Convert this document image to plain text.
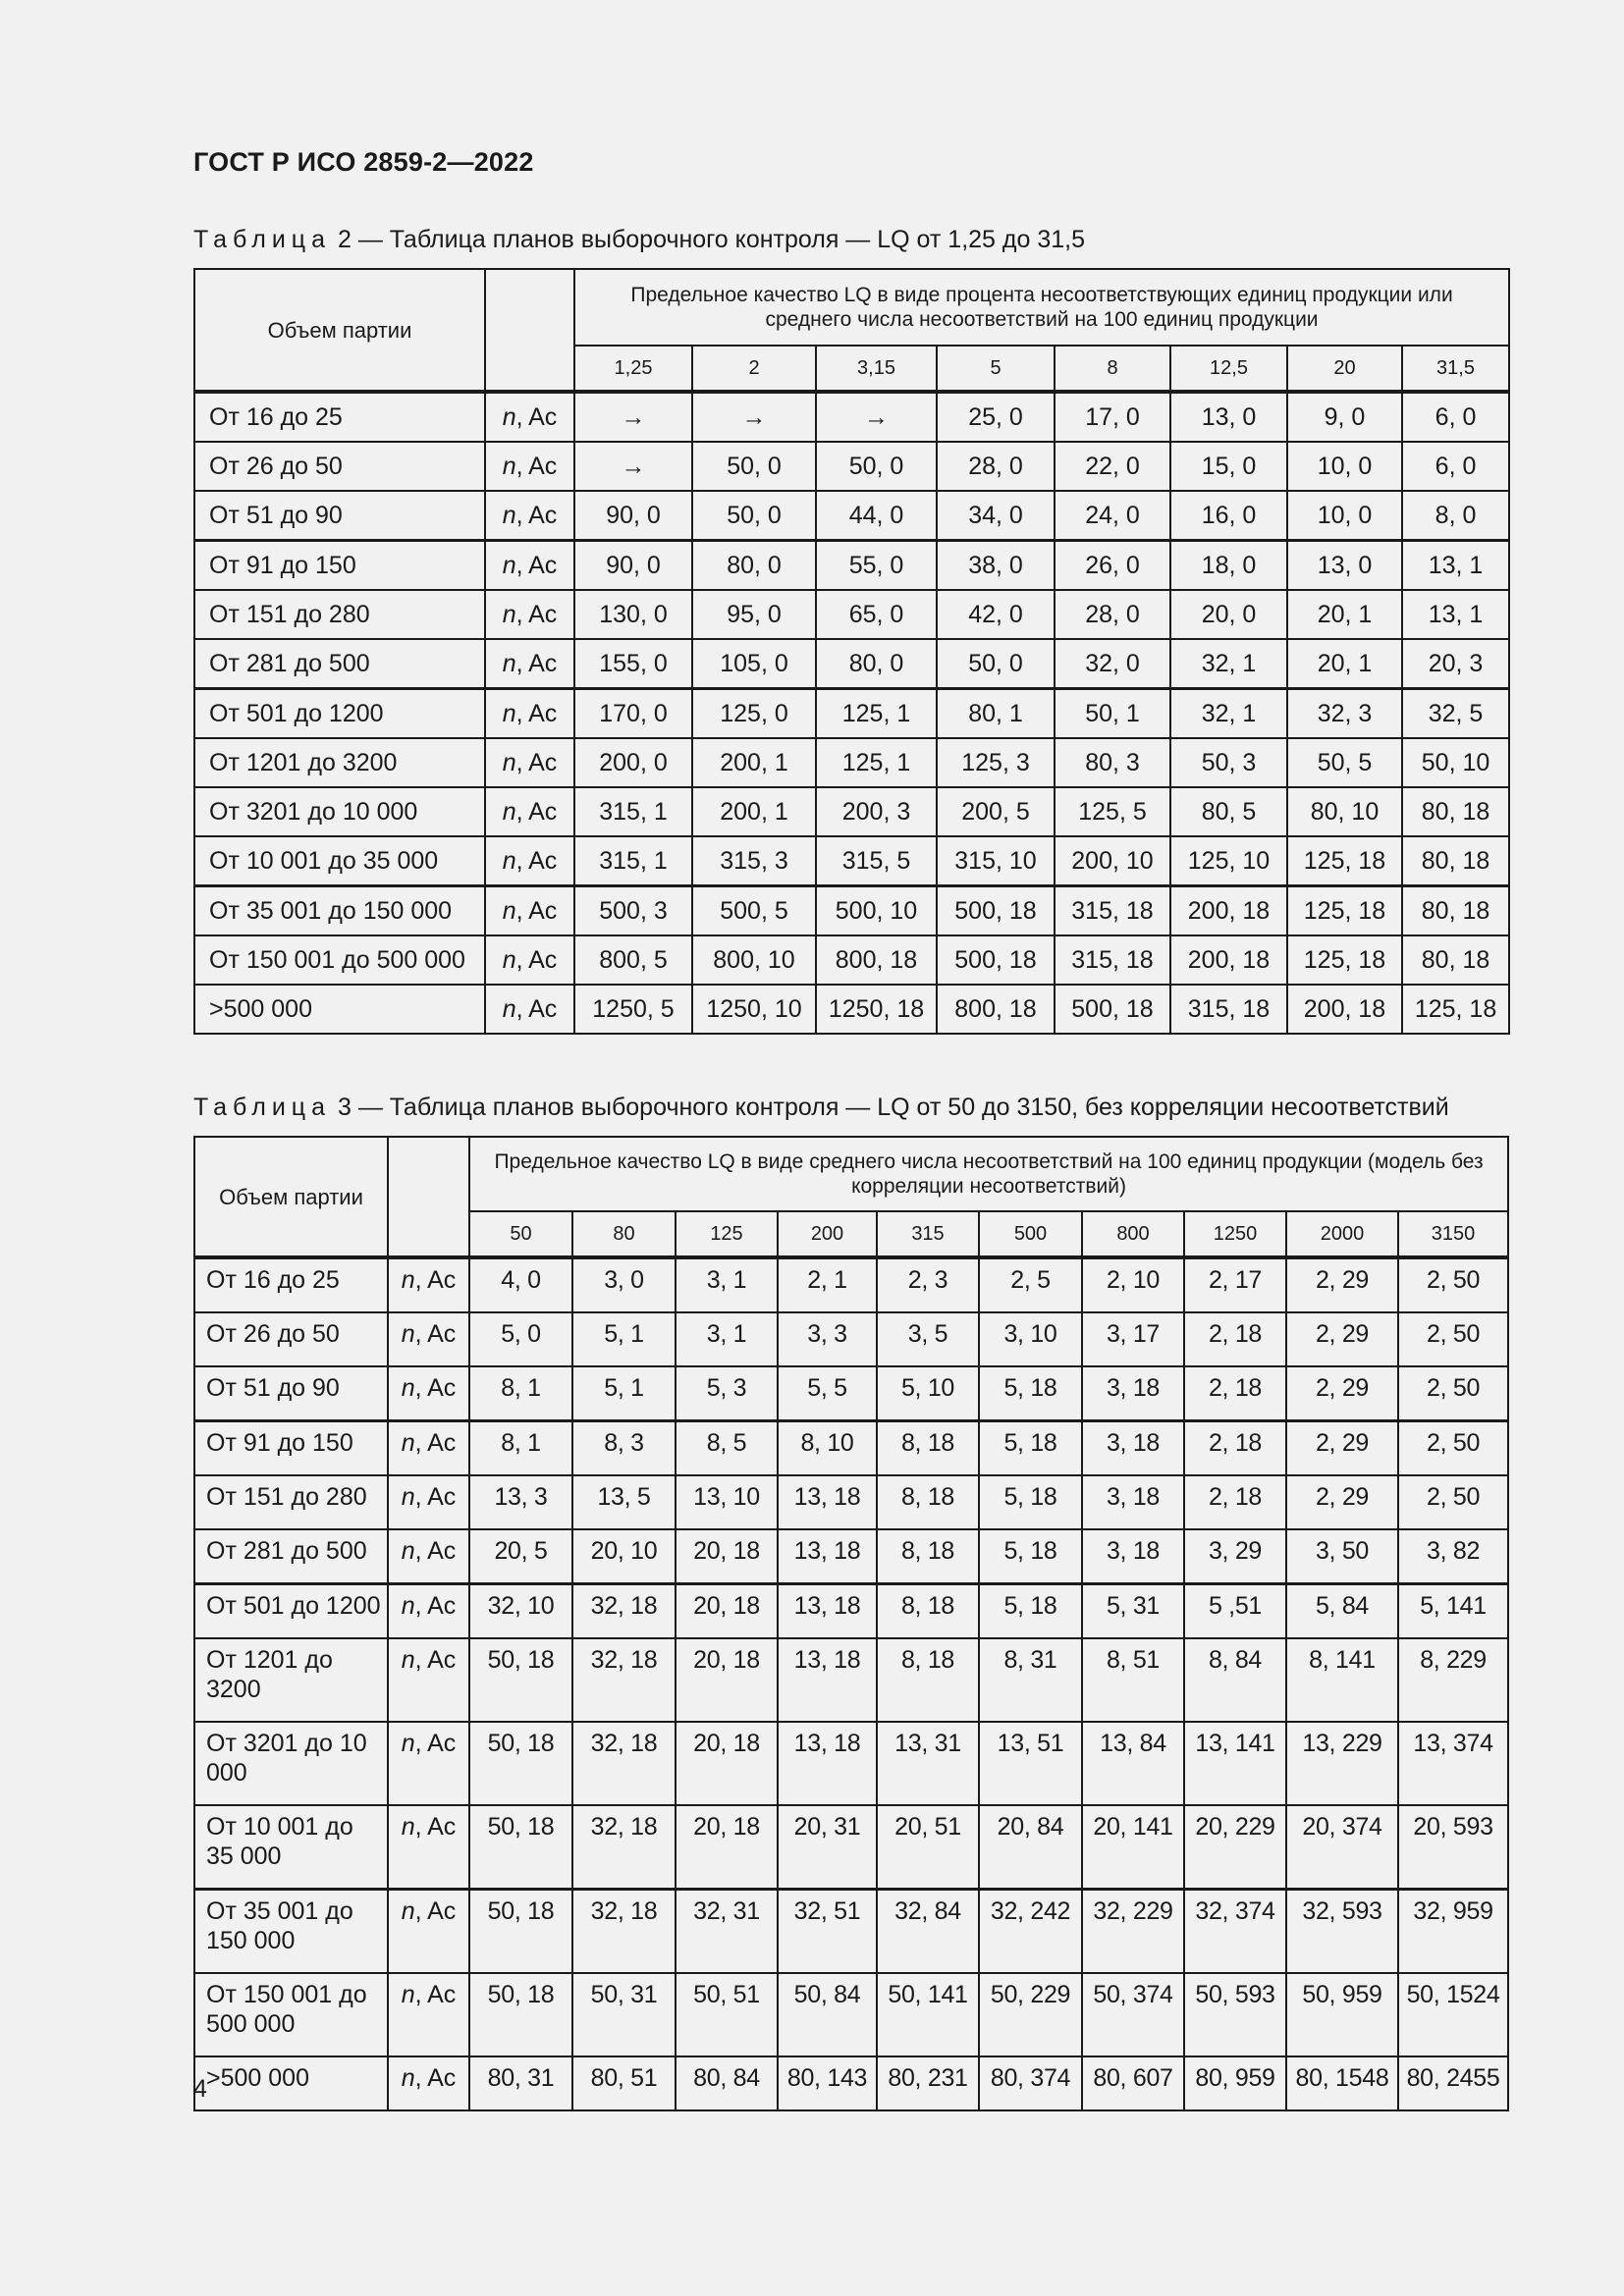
ГОСТ Р ИСО 2859-2—2022
Таблица 2 — Таблица планов выборочного контроля — LQ от 1,25 до 31,5
Объем партии		Предельное качество LQ в виде процента несоответствующих единиц продукции или среднего числа несоответствий на 100 единиц продукции							
		1,25	2	3,15	5	8	12,5	20	31,5
От 16 до 25	n, Ac	→	→	→	25, 0	17, 0	13, 0	9, 0	6, 0
От 26 до 50	n, Ac	→	50, 0	50, 0	28, 0	22, 0	15, 0	10, 0	6, 0
От 51 до 90	n, Ac	90, 0	50, 0	44, 0	34, 0	24, 0	16, 0	10, 0	8, 0
От 91 до 150	n, Ac	90, 0	80, 0	55, 0	38, 0	26, 0	18, 0	13, 0	13, 1
От 151 до 280	n, Ac	130, 0	95, 0	65, 0	42, 0	28, 0	20, 0	20, 1	13, 1
От 281 до 500	n, Ac	155, 0	105, 0	80, 0	50, 0	32, 0	32, 1	20, 1	20, 3
От 501 до 1200	n, Ac	170, 0	125, 0	125, 1	80, 1	50, 1	32, 1	32, 3	32, 5
От 1201 до 3200	n, Ac	200, 0	200, 1	125, 1	125, 3	80, 3	50, 3	50, 5	50, 10
От 3201 до 10 000	n, Ac	315, 1	200, 1	200, 3	200, 5	125, 5	80, 5	80, 10	80, 18
От 10 001 до 35 000	n, Ac	315, 1	315, 3	315, 5	315, 10	200, 10	125, 10	125, 18	80, 18
От 35 001 до 150 000	n, Ac	500, 3	500, 5	500, 10	500, 18	315, 18	200, 18	125, 18	80, 18
От 150 001 до 500 000	n, Ac	800, 5	800, 10	800, 18	500, 18	315, 18	200, 18	125, 18	80, 18
>500 000	n, Ac	1250, 5	1250, 10	1250, 18	800, 18	500, 18	315, 18	200, 18	125, 18
Таблица 3 — Таблица планов выборочного контроля — LQ от 50 до 3150, без корреляции несоответствий
Объем партии		Предельное качество LQ в виде среднего числа несоответствий на 100 единиц продукции (модель без корреляции несоответствий)									
		50	80	125	200	315	500	800	1250	2000	3150
От 16 до 25	n, Ac	4, 0	3, 0	3, 1	2, 1	2, 3	2, 5	2, 10	2, 17	2, 29	2, 50
От 26 до 50	n, Ac	5, 0	5, 1	3, 1	3, 3	3, 5	3, 10	3, 17	2, 18	2, 29	2, 50
От 51 до 90	n, Ac	8, 1	5, 1	5, 3	5, 5	5, 10	5, 18	3, 18	2, 18	2, 29	2, 50
От 91 до 150	n, Ac	8, 1	8, 3	8, 5	8, 10	8, 18	5, 18	3, 18	2, 18	2, 29	2, 50
От 151 до 280	n, Ac	13, 3	13, 5	13, 10	13, 18	8, 18	5, 18	3, 18	2, 18	2, 29	2, 50
От 281 до 500	n, Ac	20, 5	20, 10	20, 18	13, 18	8, 18	5, 18	3, 18	3, 29	3, 50	3, 82
От 501 до 1200	n, Ac	32, 10	32, 18	20, 18	13, 18	8, 18	5, 18	5, 31	5 ,51	5, 84	5, 141
От 1201 до 3200	n, Ac	50, 18	32, 18	20, 18	13, 18	8, 18	8, 31	8, 51	8, 84	8, 141	8, 229
От 3201 до 10 000	n, Ac	50, 18	32, 18	20, 18	13, 18	13, 31	13, 51	13, 84	13, 141	13, 229	13, 374
От 10 001 до 35 000	n, Ac	50, 18	32, 18	20, 18	20, 31	20, 51	20, 84	20, 141	20, 229	20, 374	20, 593
От 35 001 до 150 000	n, Ac	50, 18	32, 18	32, 31	32, 51	32, 84	32, 242	32, 229	32, 374	32, 593	32, 959
От 150 001 до 500 000	n, Ac	50, 18	50, 31	50, 51	50, 84	50, 141	50, 229	50, 374	50, 593	50, 959	50, 1524
>500 000	n, Ac	80, 31	80, 51	80, 84	80, 143	80, 231	80, 374	80, 607	80, 959	80, 1548	80, 2455
4
